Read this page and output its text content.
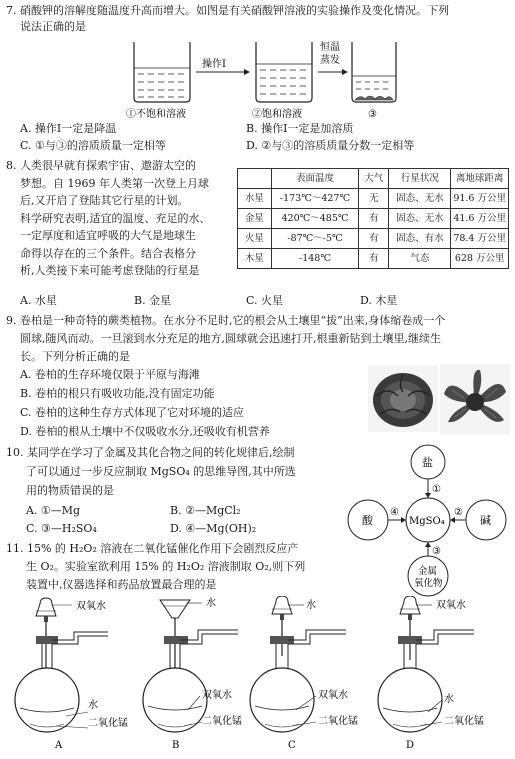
7. 硝酸钾的溶解度随温度升高而增大。如图是有关硝酸钾溶液的实验操作及变化情况。下列
说法正确的是
操作Ⅰ
恒温
蒸发
①不饱和溶液	②饱和溶液	③
A. 操作Ⅰ一定是降温	B. 操作Ⅰ一定是加溶质
C. ①与③的溶质质量一定相等	D. ②与③的溶质质量分数一定相等
8. 人类很早就有探索宇宙、遨游太空的
梦想。自 1969 年人类第一次登上月球
后,又开启了登陆其它行星的计划。
科学研究表明,适宜的温度、充足的水、
一定厚度和适宜呼吸的大气是地球生
命得以存在的三个条件。结合表格分
析,人类接下来可能考虑登陆的行星是
	表面温度	大气	行星状况	离地球距离
水星	-173℃～427℃	无	固态、无水	91.6 万公里
金星	420℃～485℃	有	固态、无水	41.6 万公里
火星	-87℃～-5℃	有	固态、有水	78.4 万公里
木星	-148℃	有	气态	628 万公里
A. 水星	B. 金星	C. 火星	D. 木星
9. 卷柏是一种奇特的蕨类植物。在水分不足时,它的根会从土壤里“拔”出来,身体缩卷成一个
圆球,随风而动。一旦滚到水分充足的地方,圆球就会迅速打开,根重新钻到土壤里,继续生
长。下列分析正确的是
A. 卷柏的生存环境仅限于平原与海滩
B. 卷柏的根只有吸收功能,没有固定功能
C. 卷柏的这种生存方式体现了它对环境的适应
D. 卷柏的根从土壤中不仅吸收水分,还吸收有机营养
10. 某同学在学习了金属及其化合物之间的转化规律后,绘制
了可以通过一步反应制取 MgSO₄ 的思维导图,其中所选
用的物质错误的是
A. ①—Mg	B. ②—MgCl₂
C. ③—H₂SO₄	D. ④—Mg(OH)₂
盐
酸	MgSO₄	碱
金属
氧化物
①
④	②
③
11. 15% 的 H₂O₂ 溶液在二氧化锰催化作用下会剧烈反应产
生 O₂。实验室欲利用 15% 的 H₂O₂ 溶液制取 O₂,则下列
装置中,仪器选择和药品放置最合理的是
双氧水
水
二氧化锰
A
水
双氧水
二氧化锰
B
水
双氧水
二氧化锰
C
双氧水
水
二氧化锰
D
